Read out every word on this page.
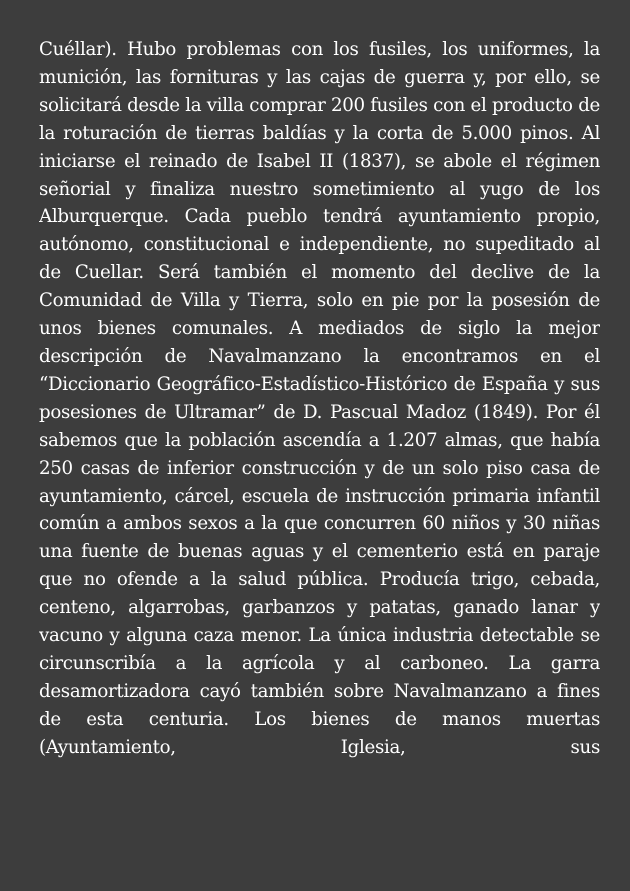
Cuéllar). Hubo problemas con los fusiles, los uniformes, la munición, las fornituras y las cajas de guerra y, por ello, se solicitará desde la villa comprar 200 fusiles con el producto de la roturación de tierras baldías y la corta de 5.000 pinos. Al iniciarse el reinado de Isabel II (1837), se abole el régimen señorial y finaliza nuestro sometimiento al yugo de los Alburquerque. Cada pueblo tendrá ayuntamiento propio, autónomo, constitucional e independiente, no supeditado al de Cuellar. Será también el momento del declive de la Comunidad de Villa y Tierra, solo en pie por la posesión de unos bienes comunales. A mediados de siglo la mejor descripción de Navalmanzano la encontramos en el “Diccionario Geográfico-Estadístico-Histórico de España y sus posesiones de Ultramar” de D. Pascual Madoz (1849). Por él sabemos que la población ascendía a 1.207 almas, que había 250 casas de inferior construcción y de un solo piso casa de ayuntamiento, cárcel, escuela de instrucción primaria infantil común a ambos sexos a la que concurren 60 niños y 30 niñas una fuente de buenas aguas y el cementerio está en paraje que no ofende a la salud pública. Producía trigo, cebada, centeno, algarrobas, garbanzos y patatas, ganado lanar y vacuno y alguna caza menor. La única industria detectable se circunscribía a la agrícola y al carboneo. La garra desamortizadora cayó también sobre Navalmanzano a fines de esta centuria. Los bienes de manos muertas (Ayuntamiento, Iglesia, sus
